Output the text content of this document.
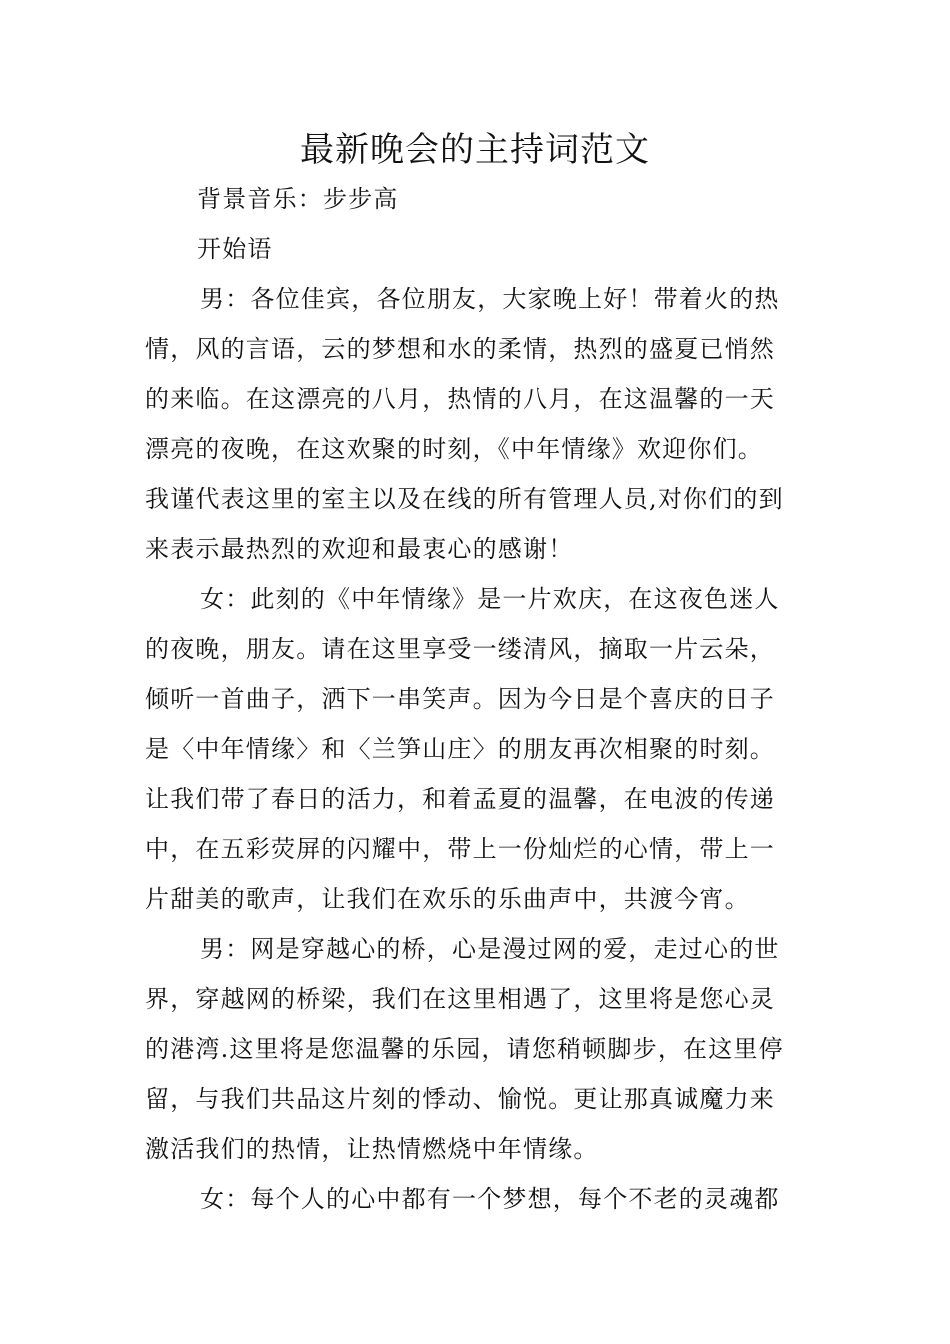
最新晚会的主持词范文
背景音乐：步步高
开始语
男：各位佳宾，各位朋友，大家晚上好！带着火的热
情，风的言语，云的梦想和水的柔情，热烈的盛夏已悄然
的来临。在这漂亮的八月，热情的八月，在这温馨的一天
漂亮的夜晚，在这欢聚的时刻，《中年情缘》欢迎你们。
我谨代表这里的室主以及在线的所有管理人员,对你们的到
来表示最热烈的欢迎和最衷心的感谢！
女：此刻的《中年情缘》是一片欢庆，在这夜色迷人
的夜晚，朋友。请在这里享受一缕清风，摘取一片云朵，
倾听一首曲子，洒下一串笑声。因为今日是个喜庆的日子
是〈中年情缘〉和〈兰笋山庄〉的朋友再次相聚的时刻。
让我们带了春日的活力，和着孟夏的温馨，在电波的传递
中，在五彩荧屏的闪耀中，带上一份灿烂的心情，带上一
片甜美的歌声，让我们在欢乐的乐曲声中，共渡今宵。
男：网是穿越心的桥，心是漫过网的爱，走过心的世
界，穿越网的桥梁，我们在这里相遇了，这里将是您心灵
的港湾.这里将是您温馨的乐园，请您稍顿脚步，在这里停
留，与我们共品这片刻的悸动、愉悦。更让那真诚魔力来
激活我们的热情，让热情燃烧中年情缘。
女：每个人的心中都有一个梦想，每个不老的灵魂都
